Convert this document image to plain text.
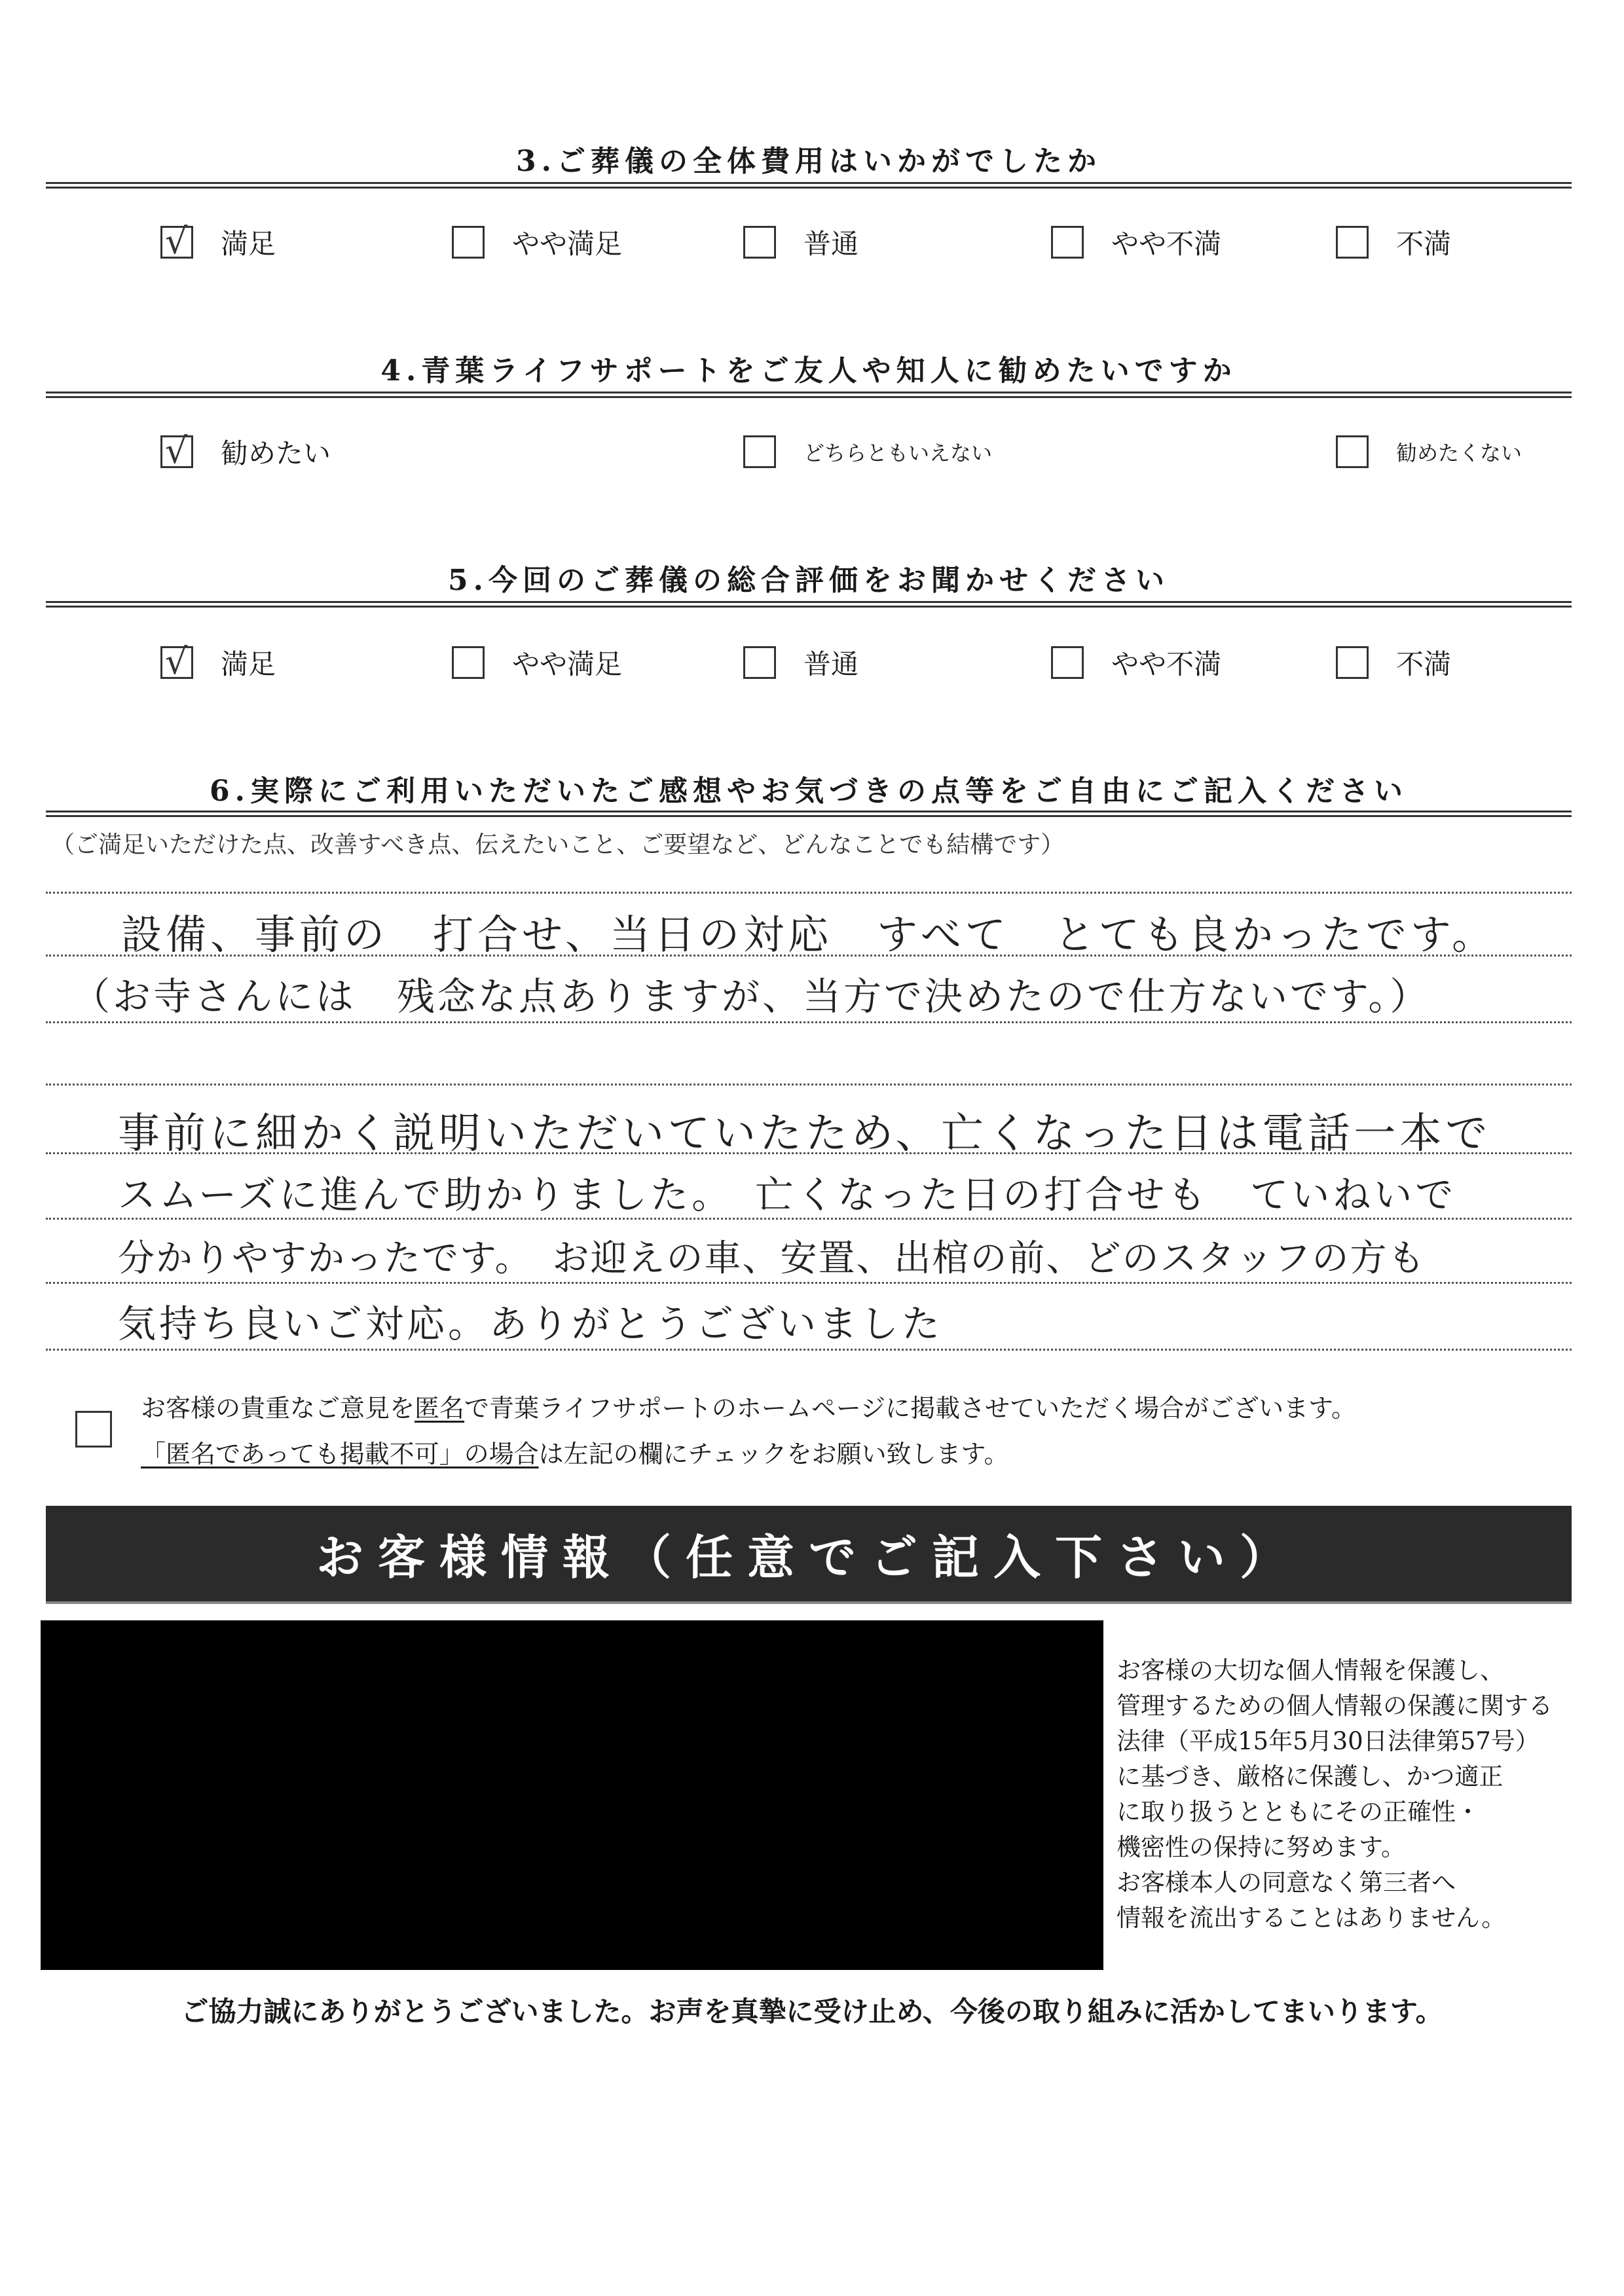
3.ご葬儀の全体費用はいかがでしたか
√ 満足	やや満足	普通	やや不満	不満
4.青葉ライフサポートをご友人や知人に勧めたいですか
√ 勧めたい	どちらともいえない	勧めたくない
5.今回のご葬儀の総合評価をお聞かせください
√ 満足	やや満足	普通	やや不満	不満
6.実際にご利用いただいたご感想やお気づきの点等をご自由にご記入ください
（ご満足いただけた点、改善すべき点、伝えたいこと、ご要望など、どんなことでも結構です）
設備、事前の　打合せ、当日の対応　すべて　とても良かったです。
（お寺さんには　残念な点ありますが、当方で決めたので仕方ないです。）
事前に細かく説明いただいていたため、亡くなった日は電話一本で
スムーズに進んで助かりました。　亡くなった日の打合せも　ていねいで
分かりやすかったです。　お迎えの車、安置、出棺の前、どのスタッフの方も
気持ち良いご対応。ありがとうございました
お客様の貴重なご意見を匿名で青葉ライフサポートのホームページに掲載させていただく場合がございます。
「匿名であっても掲載不可」の場合は左記の欄にチェックをお願い致します。
お客様情報（任意でご記入下さい）
お客様の大切な個人情報を保護し、
管理するための個人情報の保護に関する
法律（平成15年5月30日法律第57号）
に基づき、厳格に保護し、かつ適正
に取り扱うとともにその正確性・
機密性の保持に努めます。
お客様本人の同意なく第三者へ
情報を流出することはありません。
ご協力誠にありがとうございました。お声を真摯に受け止め、今後の取り組みに活かしてまいります。
